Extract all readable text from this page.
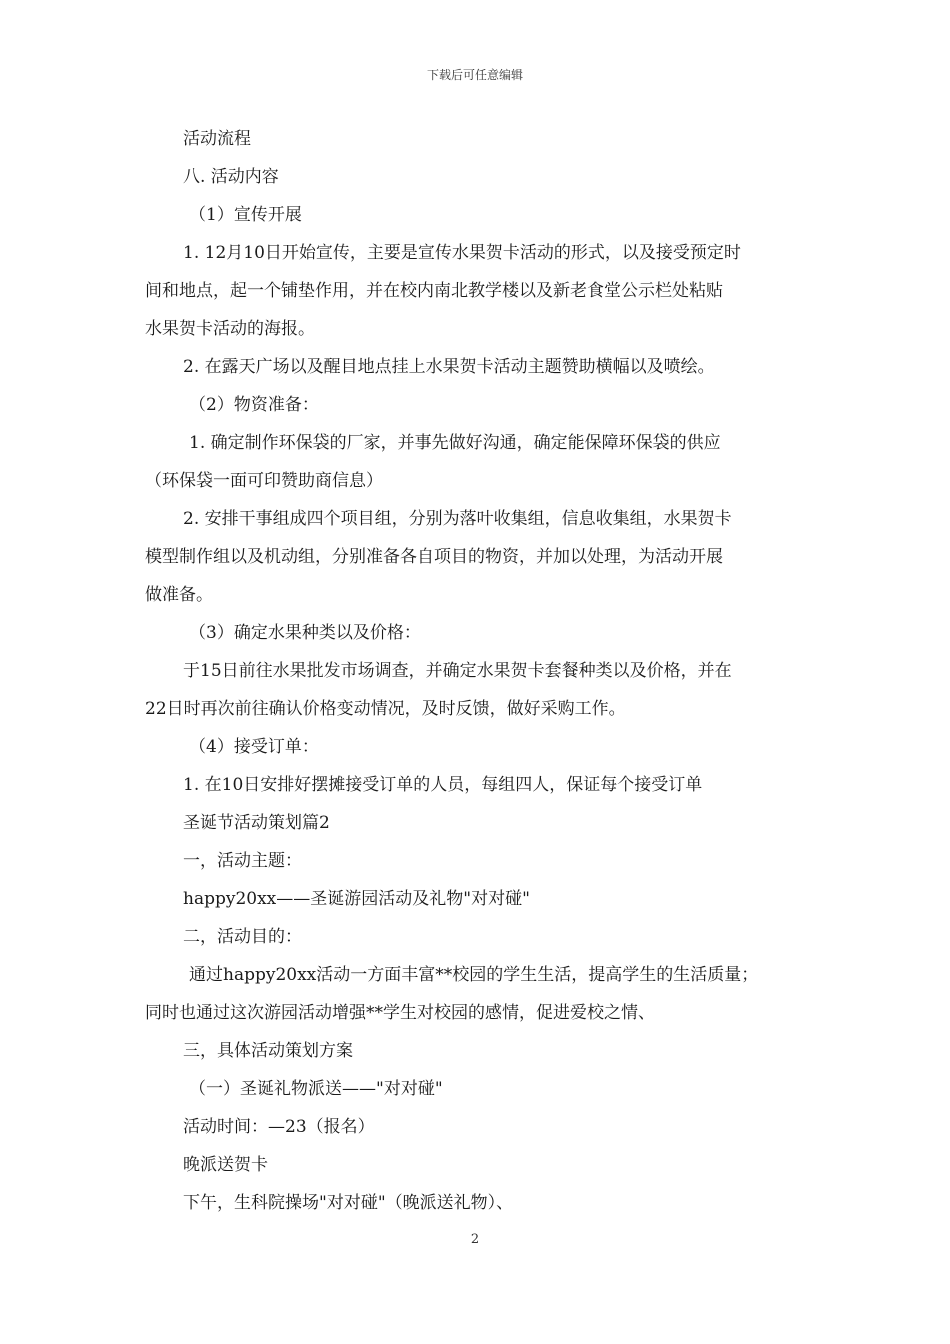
下载后可任意编辑

活动流程

八. 活动内容

（1）宣传开展

1. 12月10日开始宣传，主要是宣传水果贺卡活动的形式，以及接受预定时

间和地点，起一个铺垫作用，并在校内南北教学楼以及新老食堂公示栏处粘贴

水果贺卡活动的海报。

2. 在露天广场以及醒目地点挂上水果贺卡活动主题赞助横幅以及喷绘。

（2）物资准备：

1. 确定制作环保袋的厂家，并事先做好沟通，确定能保障环保袋的供应

（环保袋一面可印赞助商信息）

2. 安排干事组成四个项目组，分别为落叶收集组，信息收集组，水果贺卡

模型制作组以及机动组，分别准备各自项目的物资，并加以处理，为活动开展

做准备。

（3）确定水果种类以及价格：

于15日前往水果批发市场调查，并确定水果贺卡套餐种类以及价格，并在

22日时再次前往确认价格变动情况，及时反馈，做好采购工作。

（4）接受订单：

1. 在10日安排好摆摊接受订单的人员，每组四人，保证每个接受订单

圣诞节活动策划篇2

一，活动主题：

happy20xx——圣诞游园活动及礼物"对对碰"

二，活动目的：

通过happy20xx活动一方面丰富**校园的学生生活，提高学生的生活质量；

同时也通过这次游园活动增强**学生对校园的感情，促进爱校之情、

三，具体活动策划方案

（一）圣诞礼物派送——"对对碰"

活动时间：—23（报名）

晚派送贺卡

下午，生科院操场"对对碰"（晚派送礼物）、

2
